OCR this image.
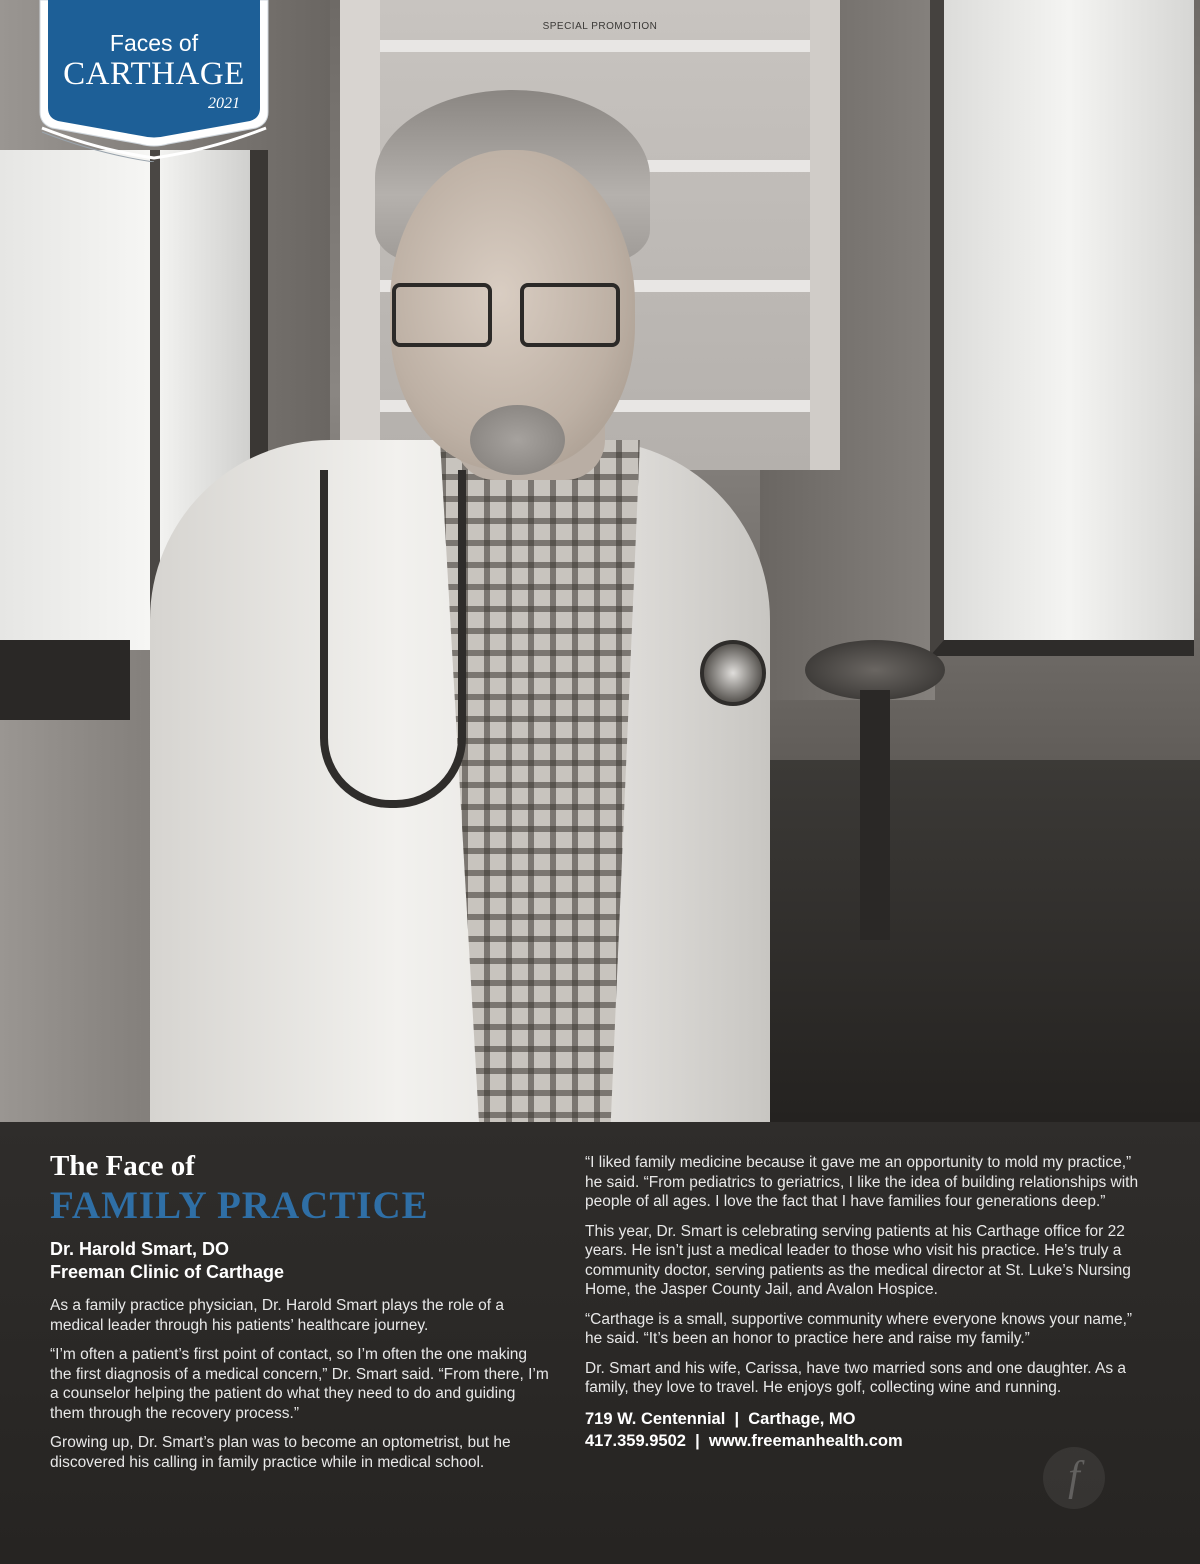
SPECIAL PROMOTION
Faces of
CARTHAGE
2021
The Face of
FAMILY PRACTICE
Dr. Harold Smart, DO
Freeman Clinic of Carthage

As a family practice physician, Dr. Harold Smart plays the role of a medical leader through his patients’ healthcare journey.

“I’m often a patient’s first point of contact, so I’m often the one making the first diagnosis of a medical concern,” Dr. Smart said. “From there, I’m a counselor helping the patient do what they need to do and guiding them through the recovery process.”

Growing up, Dr. Smart’s plan was to become an optometrist, but he discovered his calling in family practice while in medical school.

“I liked family medicine because it gave me an opportunity to mold my practice,” he said. “From pediatrics to geriatrics, I like the idea of building relationships with people of all ages. I love the fact that I have families four generations deep.”

This year, Dr. Smart is celebrating serving patients at his Carthage office for 22 years. He isn’t just a medical leader to those who visit his practice. He’s truly a community doctor, serving patients as the medical director at St. Luke’s Nursing Home, the Jasper County Jail, and Avalon Hospice.

“Carthage is a small, supportive community where everyone knows your name,” he said. “It’s been an honor to practice here and raise my family.”

Dr. Smart and his wife, Carissa, have two married sons and one daughter. As a family, they love to travel. He enjoys golf, collecting wine and running.

719 W. Centennial  |  Carthage, MO
417.359.9502  |  www.freemanhealth.com
f
